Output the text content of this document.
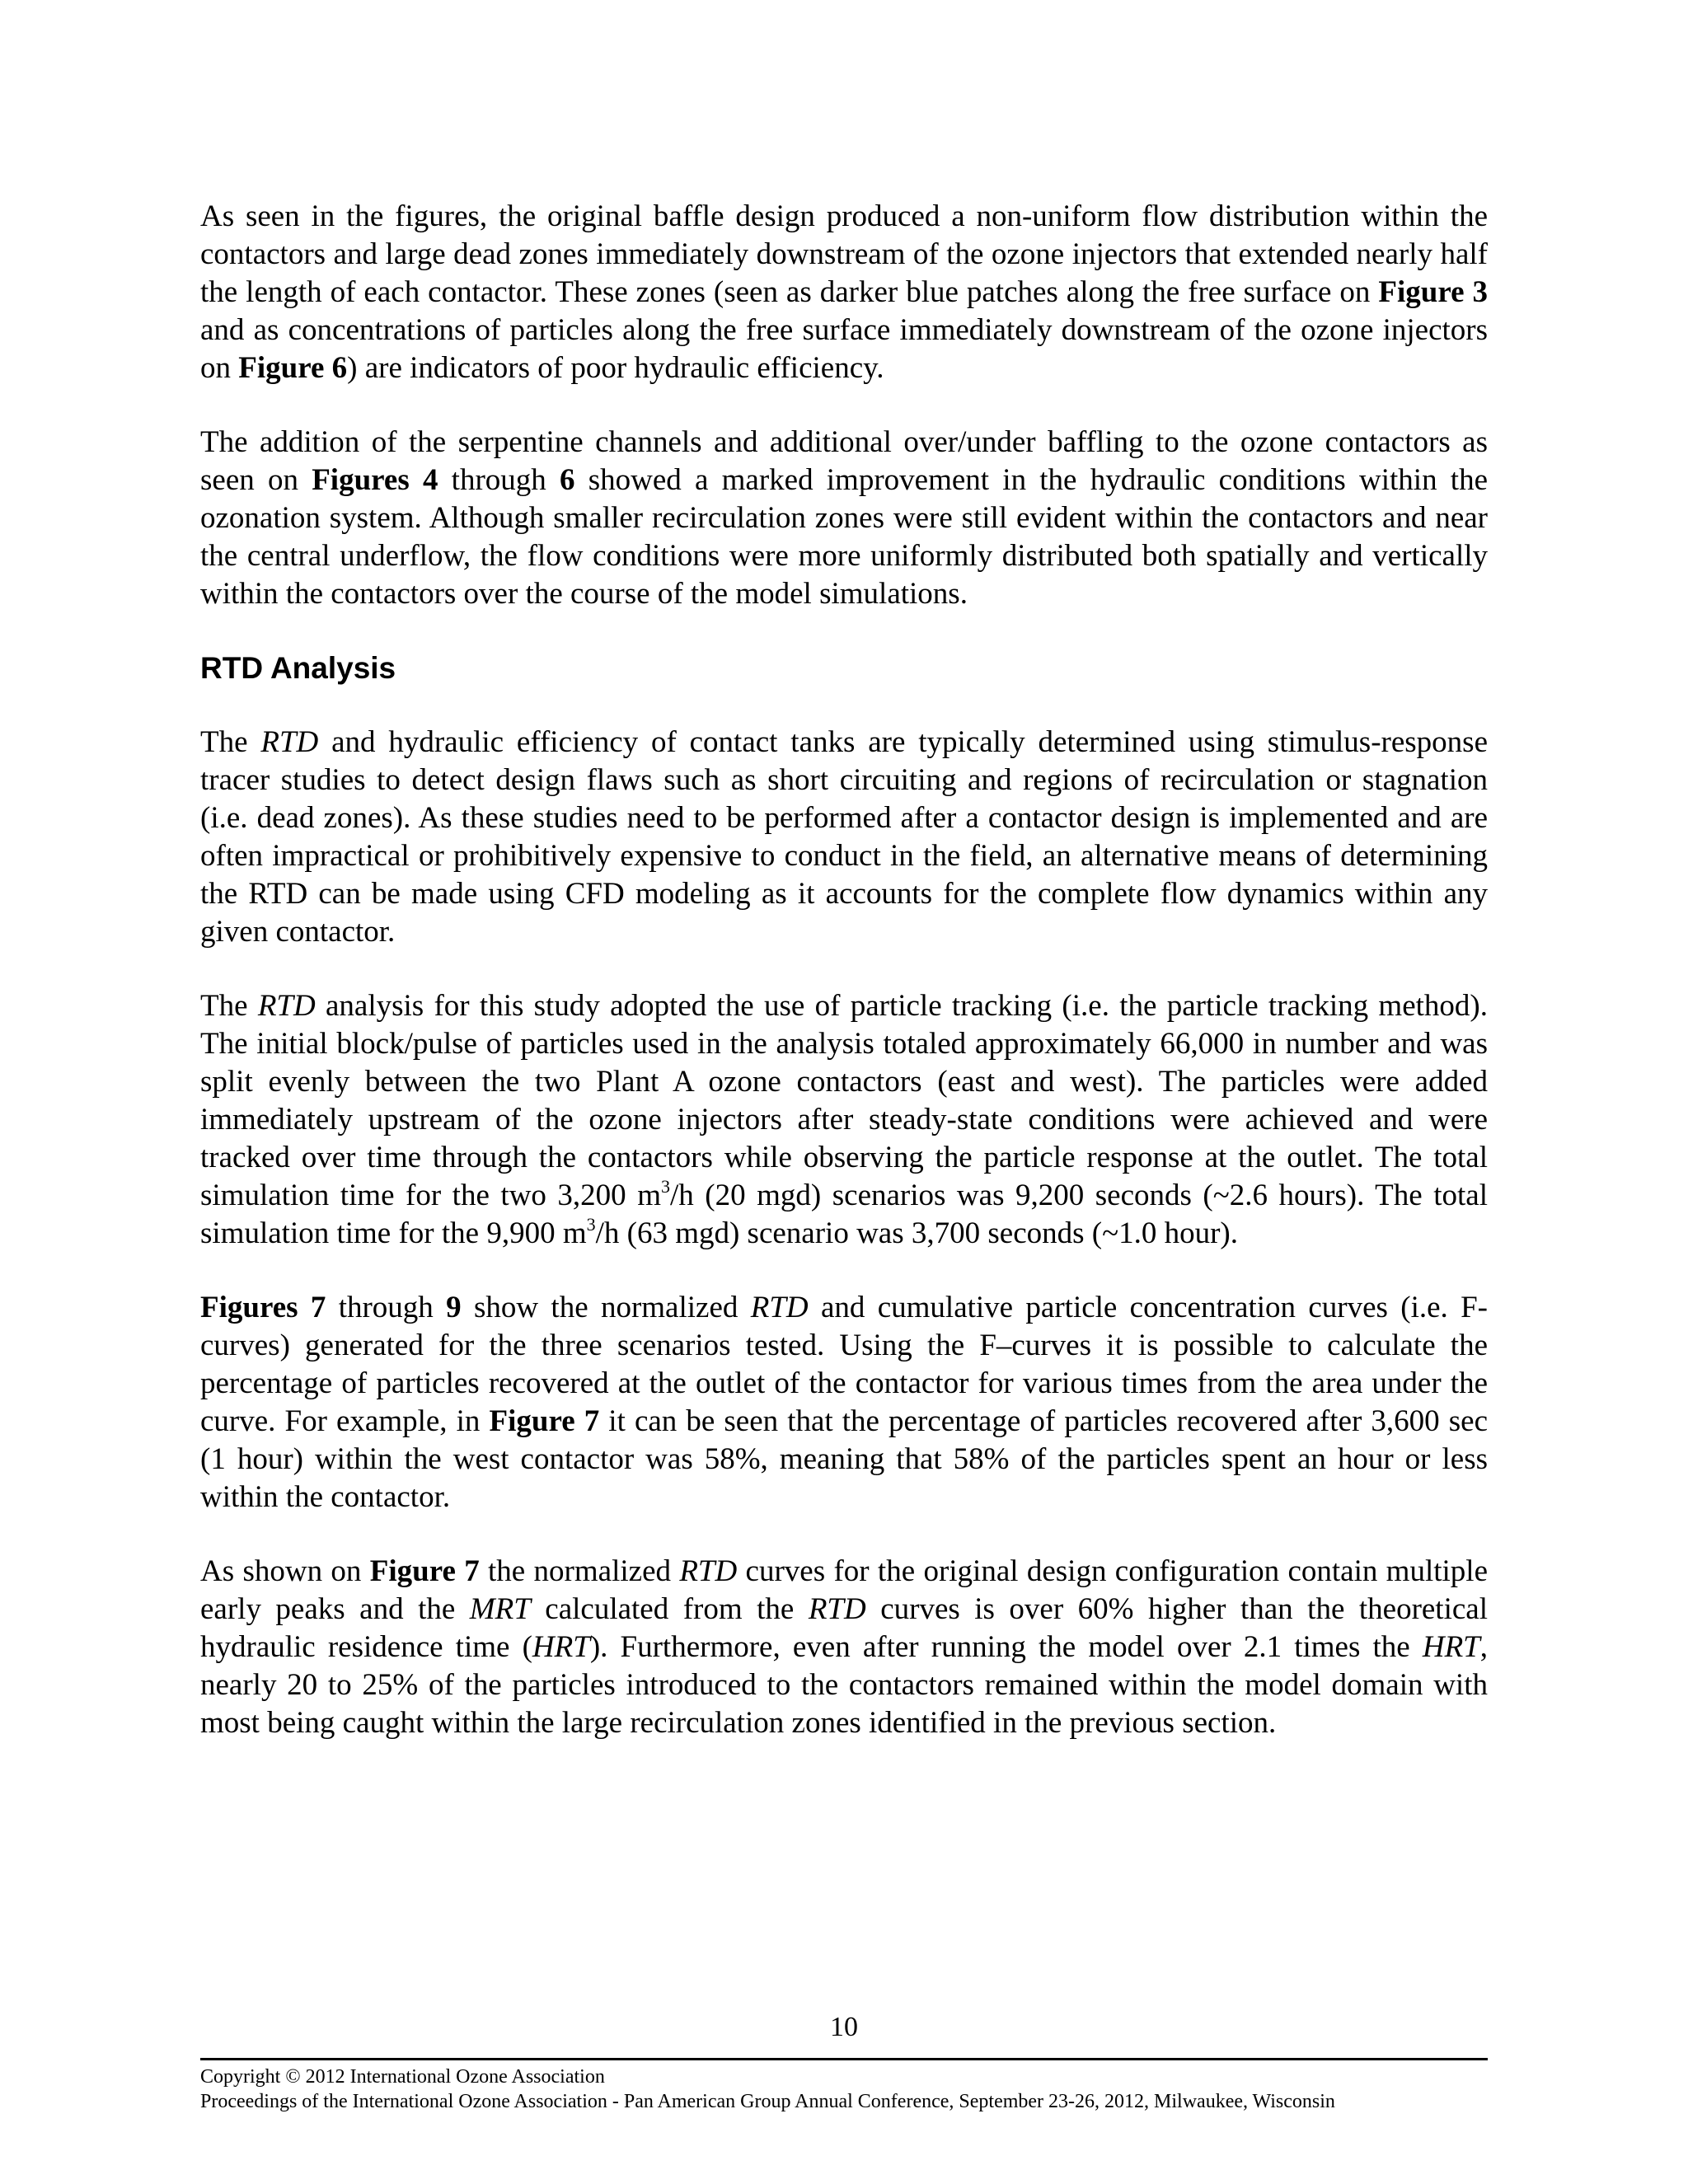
As seen in the figures, the original baffle design produced a non-uniform flow distribution within the contactors and large dead zones immediately downstream of the ozone injectors that extended nearly half the length of each contactor. These zones (seen as darker blue patches along the free surface on Figure 3 and as concentrations of particles along the free surface immediately downstream of the ozone injectors on Figure 6) are indicators of poor hydraulic efficiency.

The addition of the serpentine channels and additional over/under baffling to the ozone contactors as seen on Figures 4 through 6 showed a marked improvement in the hydraulic conditions within the ozonation system. Although smaller recirculation zones were still evident within the contactors and near the central underflow, the flow conditions were more uniformly distributed both spatially and vertically within the contactors over the course of the model simulations.

RTD Analysis

The RTD and hydraulic efficiency of contact tanks are typically determined using stimulus-response tracer studies to detect design flaws such as short circuiting and regions of recirculation or stagnation (i.e. dead zones). As these studies need to be performed after a contactor design is implemented and are often impractical or prohibitively expensive to conduct in the field, an alternative means of determining the RTD can be made using CFD modeling as it accounts for the complete flow dynamics within any given contactor.

The RTD analysis for this study adopted the use of particle tracking (i.e. the particle tracking method). The initial block/pulse of particles used in the analysis totaled approximately 66,000 in number and was split evenly between the two Plant A ozone contactors (east and west). The particles were added immediately upstream of the ozone injectors after steady-state conditions were achieved and were tracked over time through the contactors while observing the particle response at the outlet. The total simulation time for the two 3,200 $m^3/h$ (20 mgd) scenarios was 9,200 seconds (~2.6 hours). The total simulation time for the 9,900 $m^3/h$ (63 mgd) scenario was 3,700 seconds (~1.0 hour).

Figures 7 through 9 show the normalized RTD and cumulative particle concentration curves (i.e. F-curves) generated for the three scenarios tested. Using the F–curves it is possible to calculate the percentage of particles recovered at the outlet of the contactor for various times from the area under the curve. For example, in Figure 7 it can be seen that the percentage of particles recovered after 3,600 sec (1 hour) within the west contactor was 58%, meaning that 58% of the particles spent an hour or less within the contactor.

As shown on Figure 7 the normalized RTD curves for the original design configuration contain multiple early peaks and the MRT calculated from the RTD curves is over 60% higher than the theoretical hydraulic residence time (HRT). Furthermore, even after running the model over 2.1 times the HRT, nearly 20 to 25% of the particles introduced to the contactors remained within the model domain with most being caught within the large recirculation zones identified in the previous section.

10
Copyright © 2012 International Ozone Association
Proceedings of the International Ozone Association - Pan American Group Annual Conference, September 23-26, 2012, Milwaukee, Wisconsin
